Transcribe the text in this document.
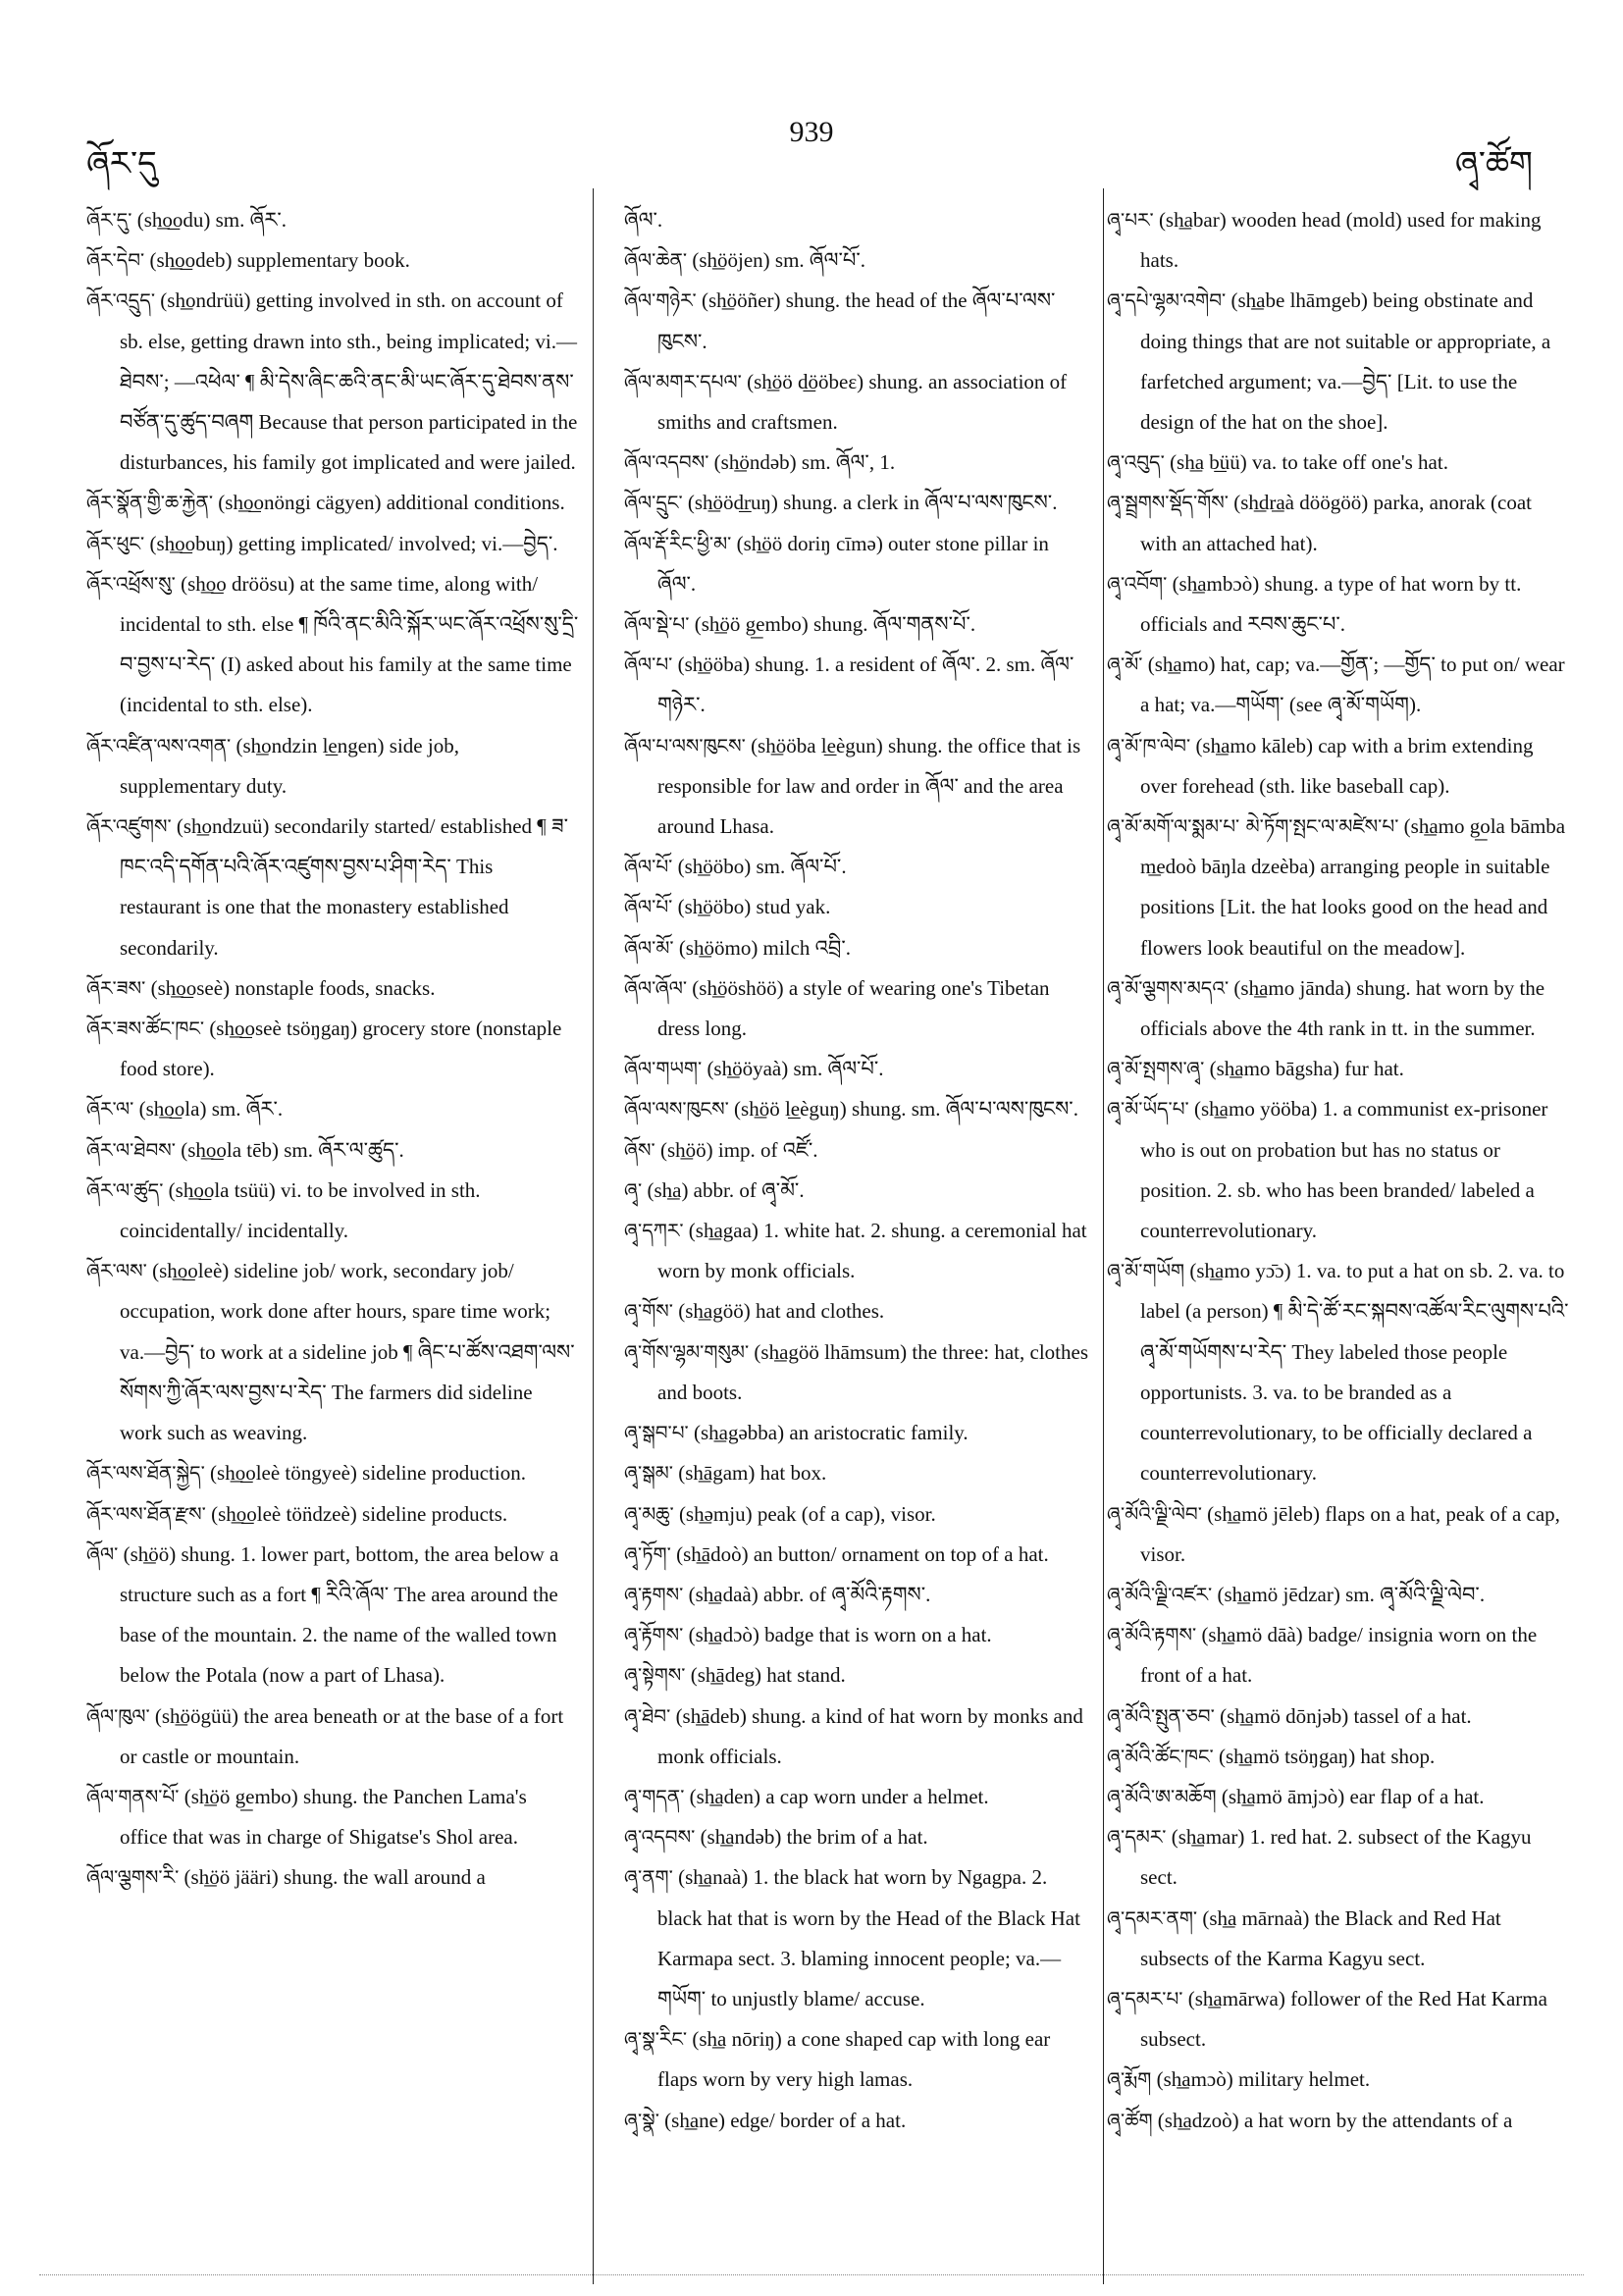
ཞོར་དུ
939
ཞྭ་ཚོག

ཞོར་དུ་ (sh͟o͟odu) sm. ཞོར་.

ཞོར་དེབ་ (sh͟o͟odeb) supplementary book.

ཞོར་འདྲུད་ (sh͟ondrüü) getting involved in sth. on account of sb. else, getting drawn into sth., being implicated; vi.—ཐེབས་; —འཕེལ་ ¶ མི་དེས་ཞིང་ཆའི་ནང་མི་ཡང་ཞོར་དུ་ཐེབས་ནས་བཙོན་དུ་ཚུད་བཞག Because that person participated in the disturbances, his family got implicated and were jailed.

ཞོར་སྣོན་གྱི་ཆ་རྐྱེན་ (sh͟o͟onöngi cägyen) additional conditions.

ཞོར་ཕུང་ (sh͟o͟obuŋ) getting implicated/ involved; vi.—བྱེད་.

ཞོར་འཕྲོས་སུ་ (sh͟o͟o dröösu) at the same time, along with/ incidental to sth. else ¶ ཁོའི་ནང་མིའི་སྐོར་ཡང་ཞོར་འཕྲོས་སུ་དྲི་བ་བྱས་པ་རེད་ (I) asked about his family at the same time (incidental to sth. else).

ཞོར་འཛིན་ལས་འགན་ (sh͟ondzin l͟engen) side job, supplementary duty.

ཞོར་འཛུགས་ (sh͟ondzuü) secondarily started/ established ¶ ཟ་ཁང་འདི་དགོན་པའི་ཞོར་འཛུགས་བྱས་པ་ཤིག་རེད་ This restaurant is one that the monastery established secondarily.

ཞོར་ཟས་ (sh͟o͟oseè) nonstaple foods, snacks.

ཞོར་ཟས་ཚོང་ཁང་ (sh͟o͟oseè tsöŋgaŋ) grocery store (nonstaple food store).

ཞོར་ལ་ (sh͟o͟ola) sm. ཞོར་.

ཞོར་ལ་ཐེབས་ (sh͟o͟ola tēb) sm. ཞོར་ལ་ཚུད་.

ཞོར་ལ་ཚུད་ (sh͟o͟ola tsüü) vi. to be involved in sth. coincidentally/ incidentally.

ཞོར་ལས་ (sh͟o͟oleè) sideline job/ work, secondary job/ occupation, work done after hours, spare time work; va.—བྱེད་ to work at a sideline job ¶ ཞིང་པ་ཚོས་འཐག་ལས་སོགས་ཀྱི་ཞོར་ལས་བྱས་པ་རེད་ The farmers did sideline work such as weaving.

ཞོར་ལས་ཐོན་སྐྱེད་ (sh͟o͟oleè töngyeè) sideline production.

ཞོར་ལས་ཐོན་རྫས་ (sh͟o͟oleè tön̈dzeè) sideline products.

ཞོལ་ (sh͟öö) shung. 1. lower part, bottom, the area below a structure such as a fort ¶ རིའི་ཞོལ་ The area around the base of the mountain. 2. the name of the walled town below the Potala (now a part of Lhasa).

ཞོལ་ཁུལ་ (sh͟öögüü) the area beneath or at the base of a fort or castle or mountain.

ཞོལ་གནས་པོ་ (sh͟öö g͟embo) shung. the Panchen Lama's office that was in charge of Shigatse's Shol area.

ཞོལ་ལྕགས་རི་ (sh͟öö jääri) shung. the wall around a

ཞོལ་.

ཞོལ་ཆེན་ (sh͟ööjen) sm. ཞོལ་པོ་.

ཞོལ་གཉེར་ (sh͟ööñer) shung. the head of the ཞོལ་པ་ལས་ཁུངས་.

ཞོལ་མགར་དཔལ་ (sh͟öö d͟ööbeε) shung. an association of smiths and craftsmen.

ཞོལ་འདབས་ (sh͟öndəb) sm. ཞོལ་, 1.

ཞོལ་དྲུང་ (sh͟ööd͟ruŋ) shung. a clerk in ཞོལ་པ་ལས་ཁུངས་.

ཞོལ་རྡོ་རིང་ཕྱི་མ་ (sh͟öö doriŋ cīmə) outer stone pillar in ཞོལ་.

ཞོལ་སྡེ་པ་ (sh͟öö g͟embo) shung. ཞོལ་གནས་པོ་.

ཞོལ་པ་ (sh͟ööba) shung. 1. a resident of ཞོལ་. 2. sm. ཞོལ་གཉེར་.

ཞོལ་པ་ལས་ཁུངས་ (sh͟ööba l͟eègun) shung. the office that is responsible for law and order in ཞོལ་ and the area around Lhasa.

ཞོལ་པོ་ (sh͟ööbo) sm. ཞོལ་པོ་.

ཞོལ་པོ་ (sh͟ööbo) stud yak.

ཞོལ་མོ་ (sh͟öömo) milch འབྲི་.

ཞོལ་ཞོལ་ (sh͟ööshöö) a style of wearing one's Tibetan dress long.

ཞོལ་གཡག་ (sh͟ööyaà) sm. ཞོལ་པོ་.

ཞོལ་ལས་ཁུངས་ (sh͟öö l͟eèguŋ) shung. sm. ཞོལ་པ་ལས་ཁུངས་.

ཞོས་ (sh͟öö) imp. of འཛོ་.

ཞྭ་ (sh͟a) abbr. of ཞྭ་མོ་.

ཞྭ་དཀར་ (sh͟agaa) 1. white hat. 2. shung. a ceremonial hat worn by monk officials.

ཞྭ་གོས་ (sh͟agöö) hat and clothes.

ཞྭ་གོས་ལྷམ་གསུམ་ (sh͟agöö lhāmsum) the three: hat, clothes and boots.

ཞྭ་སྒབ་པ་ (sh͟agəbba) an aristocratic family.

ཞྭ་སྒམ་ (sh͟āgam) hat box.

ཞྭ་མཆུ་ (sh͟əmju) peak (of a cap), visor.

ཞྭ་ཏོག་ (sh͟ādoò) an button/ ornament on top of a hat.

ཞྭ་རྟགས་ (sh͟adaà) abbr. of ཞྭ་མོའི་རྟགས་.

ཞྭ་རྟོགས་ (sh͟adɔò) badge that is worn on a hat.

ཞྭ་སྟེགས་ (sh͟ādeg) hat stand.

ཞྭ་ཐེབ་ (sh͟ādeb) shung. a kind of hat worn by monks and monk officials.

ཞྭ་གདན་ (sh͟aden) a cap worn under a helmet.

ཞྭ་འདབས་ (sh͟andəb) the brim of a hat.

ཞྭ་ནག་ (sh͟anaà) 1. the black hat worn by Ngagpa. 2. black hat that is worn by the Head of the Black Hat Karmapa sect. 3. blaming innocent people; va.—གཡོག་ to unjustly blame/ accuse.

ཞྭ་སྣ་རིང་ (sh͟a nōriŋ) a cone shaped cap with long ear flaps worn by very high lamas.

ཞྭ་སྣེ་ (sh͟ane) edge/ border of a hat.

ཞྭ་པར་ (sh͟abar) wooden head (mold) used for making hats.

ཞྭ་དཔེ་ལྷམ་འགེབ་ (sh͟abe lhāmgeb) being obstinate and doing things that are not suitable or appropriate, a farfetched argument; va.—བྱེད་ [Lit. to use the design of the hat on the shoe].

ཞྭ་འབུད་ (sh͟a b͟üü) va. to take off one's hat.

ཞྭ་སྦྲགས་སྡོད་གོས་ (sh͟dr͟aà döögöö) parka, anorak (coat with an attached hat).

ཞྭ་འབོག་ (sh͟ambɔò) shung. a type of hat worn by tt. officials and རབས་ཆུང་པ་.

ཞྭ་མོ་ (sh͟amo) hat, cap; va.—གྱོན་; —གྱོད་ to put on/ wear a hat; va.—གཡོག་ (see ཞྭ་མོ་གཡོག).

ཞྭ་མོ་ཁ་ལེབ་ (sh͟amo kāleb) cap with a brim extending over forehead (sth. like baseball cap).

ཞྭ་མོ་མགོ་ལ་སྨམ་པ་ མེ་ཏོག་སྤང་ལ་མཛེས་པ་ (sh͟amo g͟ola bāmba m͟edoò bāŋla dzeèba) arranging people in suitable positions [Lit. the hat looks good on the head and flowers look beautiful on the meadow].

ཞྭ་མོ་ལྕགས་མདའ་ (sh͟amo jānda) shung. hat worn by the officials above the 4th rank in tt. in the summer.

ཞྭ་མོ་སྤགས་ཞྭ་ (sh͟amo bāgsha) fur hat.

ཞྭ་མོ་ཡོད་པ་ (sh͟amo yööba) 1. a communist ex-prisoner who is out on probation but has no status or position. 2. sb. who has been branded/ labeled a counterrevolutionary.

ཞྭ་མོ་གཡོག (sh͟amo yɔ̄ɔ) 1. va. to put a hat on sb. 2. va. to label (a person) ¶ མི་དེ་ཚོ་རང་སྐབས་འཚོལ་རིང་ལུགས་པའི་ཞྭ་མོ་གཡོགས་པ་རེད་ They labeled those people opportunists. 3. va. to be branded as a counterrevolutionary, to be officially declared a counterrevolutionary.

ཞྭ་མོའི་ལྗི་ལེབ་ (sh͟amö jēleb) flaps on a hat, peak of a cap, visor.

ཞྭ་མོའི་ལྗི་འཛར་ (sh͟amö jēdzar) sm. ཞྭ་མོའི་ལྗི་ལེབ་.

ཞྭ་མོའི་རྟགས་ (sh͟amö dāà) badge/ insignia worn on the front of a hat.

ཞྭ་མོའི་སྤུན་ཅབ་ (sh͟amö dōnjəb) tassel of a hat.

ཞྭ་མོའི་ཚོང་ཁང་ (sh͟amö tsöŋgaŋ) hat shop.

ཞྭ་མོའི་ཨ་མཆོག (sh͟amö āmjɔò) ear flap of a hat.

ཞྭ་དམར་ (sh͟amar) 1. red hat. 2. subsect of the Kagyu sect.

ཞྭ་དམར་ནག་ (sh͟a mārnaà) the Black and Red Hat subsects of the Karma Kagyu sect.

ཞྭ་དམར་པ་ (sh͟amārwa) follower of the Red Hat Karma subsect.

ཞྭ་རྨོག (sh͟amɔò) military helmet.

ཞྭ་ཚོག (sh͟adzoò) a hat worn by the attendants of a
